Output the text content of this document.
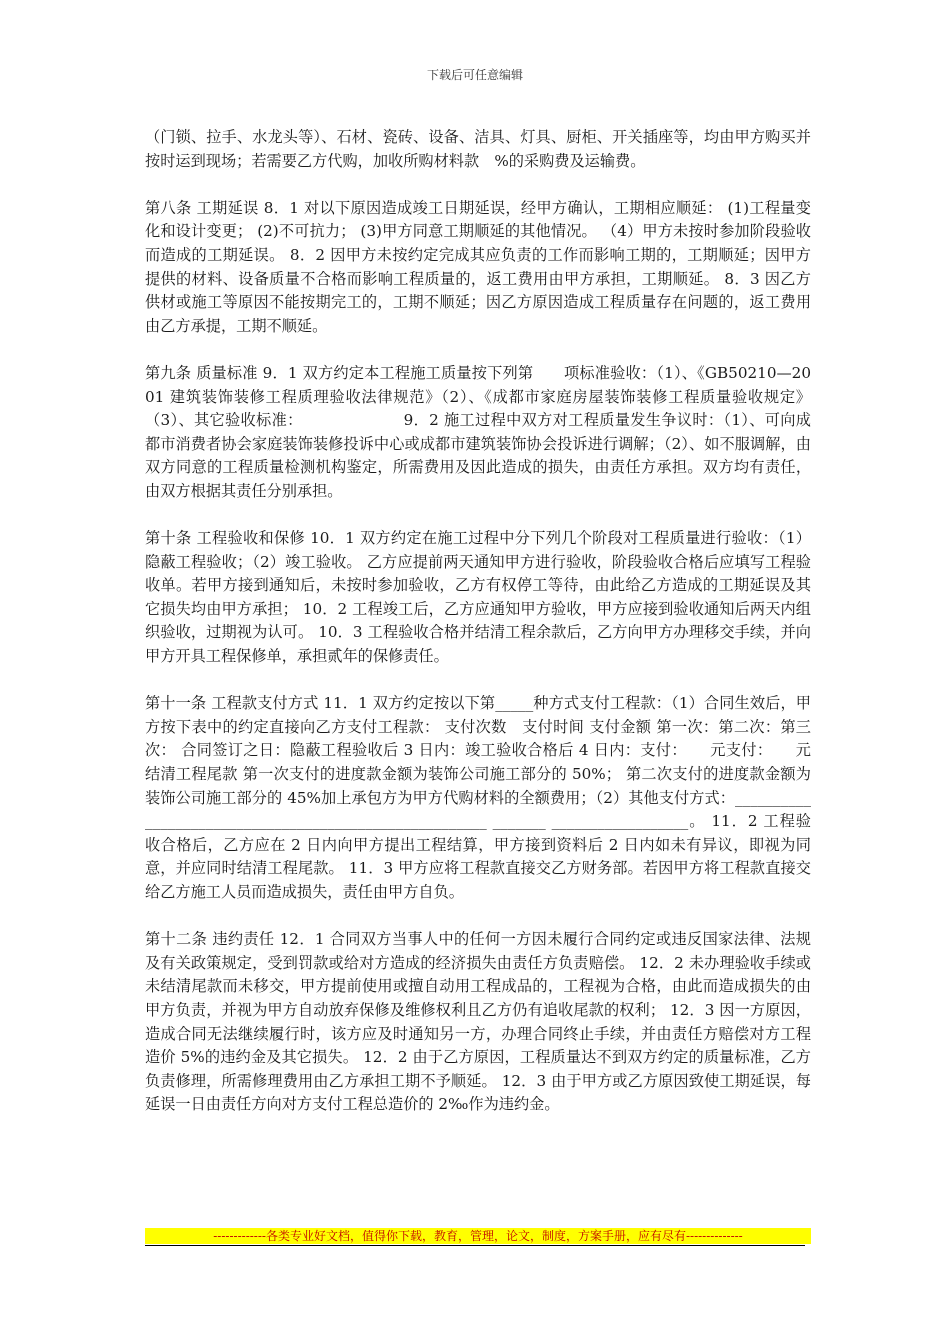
下载后可任意编辑

（门锁、拉手、水龙头等）、石材、瓷砖、设备、洁具、灯具、厨柜、开关插座等，均由甲方购买并按时运到现场；若需要乙方代购，加收所购材料款　%的采购费及运输费。

第八条 工期延误 8．1 对以下原因造成竣工日期延误，经甲方确认，工期相应顺延： (1)工程量变化和设计变更； (2)不可抗力； (3)甲方同意工期顺延的其他情况。 （4）甲方未按时参加阶段验收而造成的工期延误。 8．2 因甲方未按约定完成其应负责的工作而影响工期的，工期顺延；因甲方提供的材料、设备质量不合格而影响工程质量的，返工费用由甲方承担，工期顺延。 8．3 因乙方供材或施工等原因不能按期完工的，工期不顺延；因乙方原因造成工程质量存在问题的，返工费用由乙方承提，工期不顺延。

第九条 质量标准 9．1 双方约定本工程施工质量按下列第　　项标准验收：（1）、《GB50210—2001 建筑装饰装修工程质理验收法律规范》（2）、《成都市家庭房屋装饰装修工程质量验收规定》（3）、其它验收标准：　　　　　　　9．2 施工过程中双方对工程质量发生争议时：（1）、可向成都市消费者协会家庭装饰装修投诉中心或成都市建筑装饰协会投诉进行调解；（2）、如不服调解，由双方同意的工程质量检测机构鉴定，所需费用及因此造成的损失，由责任方承担。双方均有责任，由双方根据其责任分别承担。

第十条 工程验收和保修 10．1 双方约定在施工过程中分下列几个阶段对工程质量进行验收：（1）隐蔽工程验收；（2）竣工验收。 乙方应提前两天通知甲方进行验收，阶段验收合格后应填写工程验收单。若甲方接到通知后，未按时参加验收，乙方有权停工等待，由此给乙方造成的工期延误及其它损失均由甲方承担； 10．2 工程竣工后，乙方应通知甲方验收，甲方应接到验收通知后两天内组织验收，过期视为认可。 10．3 工程验收合格并结清工程余款后，乙方向甲方办理移交手续，并向甲方开具工程保修单，承担贰年的保修责任。

第十一条 工程款支付方式 11．1 双方约定按以下第_____种方式支付工程款：（1）合同生效后，甲方按下表中的约定直接向乙方支付工程款： 支付次数　支付时间 支付金额 第一次：第二次：第三次： 合同签订之日：隐蔽工程验收后 3 日内：竣工验收合格后 4 日内：支付：　　元支付：　　元结清工程尾款 第一次支付的进度款金额为装饰公司施工部分的 50%； 第二次支付的进度款金额为装饰公司施工部分的 45%加上承包方为甲方代购材料的全额费用；（2）其他支付方式：_______________________________________________________ _______ __________________。 11．2 工程验收合格后，乙方应在 2 日内向甲方提出工程结算，甲方接到资料后 2 日内如未有异议，即视为同意，并应同时结清工程尾款。 11．3 甲方应将工程款直接交乙方财务部。若因甲方将工程款直接交给乙方施工人员而造成损失，责任由甲方自负。

第十二条 违约责任 12．1 合同双方当事人中的任何一方因未履行合同约定或违反国家法律、法规及有关政策规定，受到罚款或给对方造成的经济损失由责任方负责赔偿。 12．2 未办理验收手续或未结清尾款而未移交，甲方提前使用或擅自动用工程成品的，工程视为合格，由此而造成损失的由甲方负责，并视为甲方自动放弃保修及维修权利且乙方仍有追收尾款的权利； 12．3 因一方原因，造成合同无法继续履行时，该方应及时通知另一方，办理合同终止手续，并由责任方赔偿对方工程造价 5%的违约金及其它损失。 12．2 由于乙方原因，工程质量达不到双方约定的质量标准，乙方负责修理，所需修理费用由乙方承担工期不予顺延。 12．3 由于甲方或乙方原因致使工期延误，每延误一日由责任方向对方支付工程总造价的 2‰作为违约金。

-------------各类专业好文档，值得你下载，教育，管理，论文，制度，方案手册，应有尽有--------------
